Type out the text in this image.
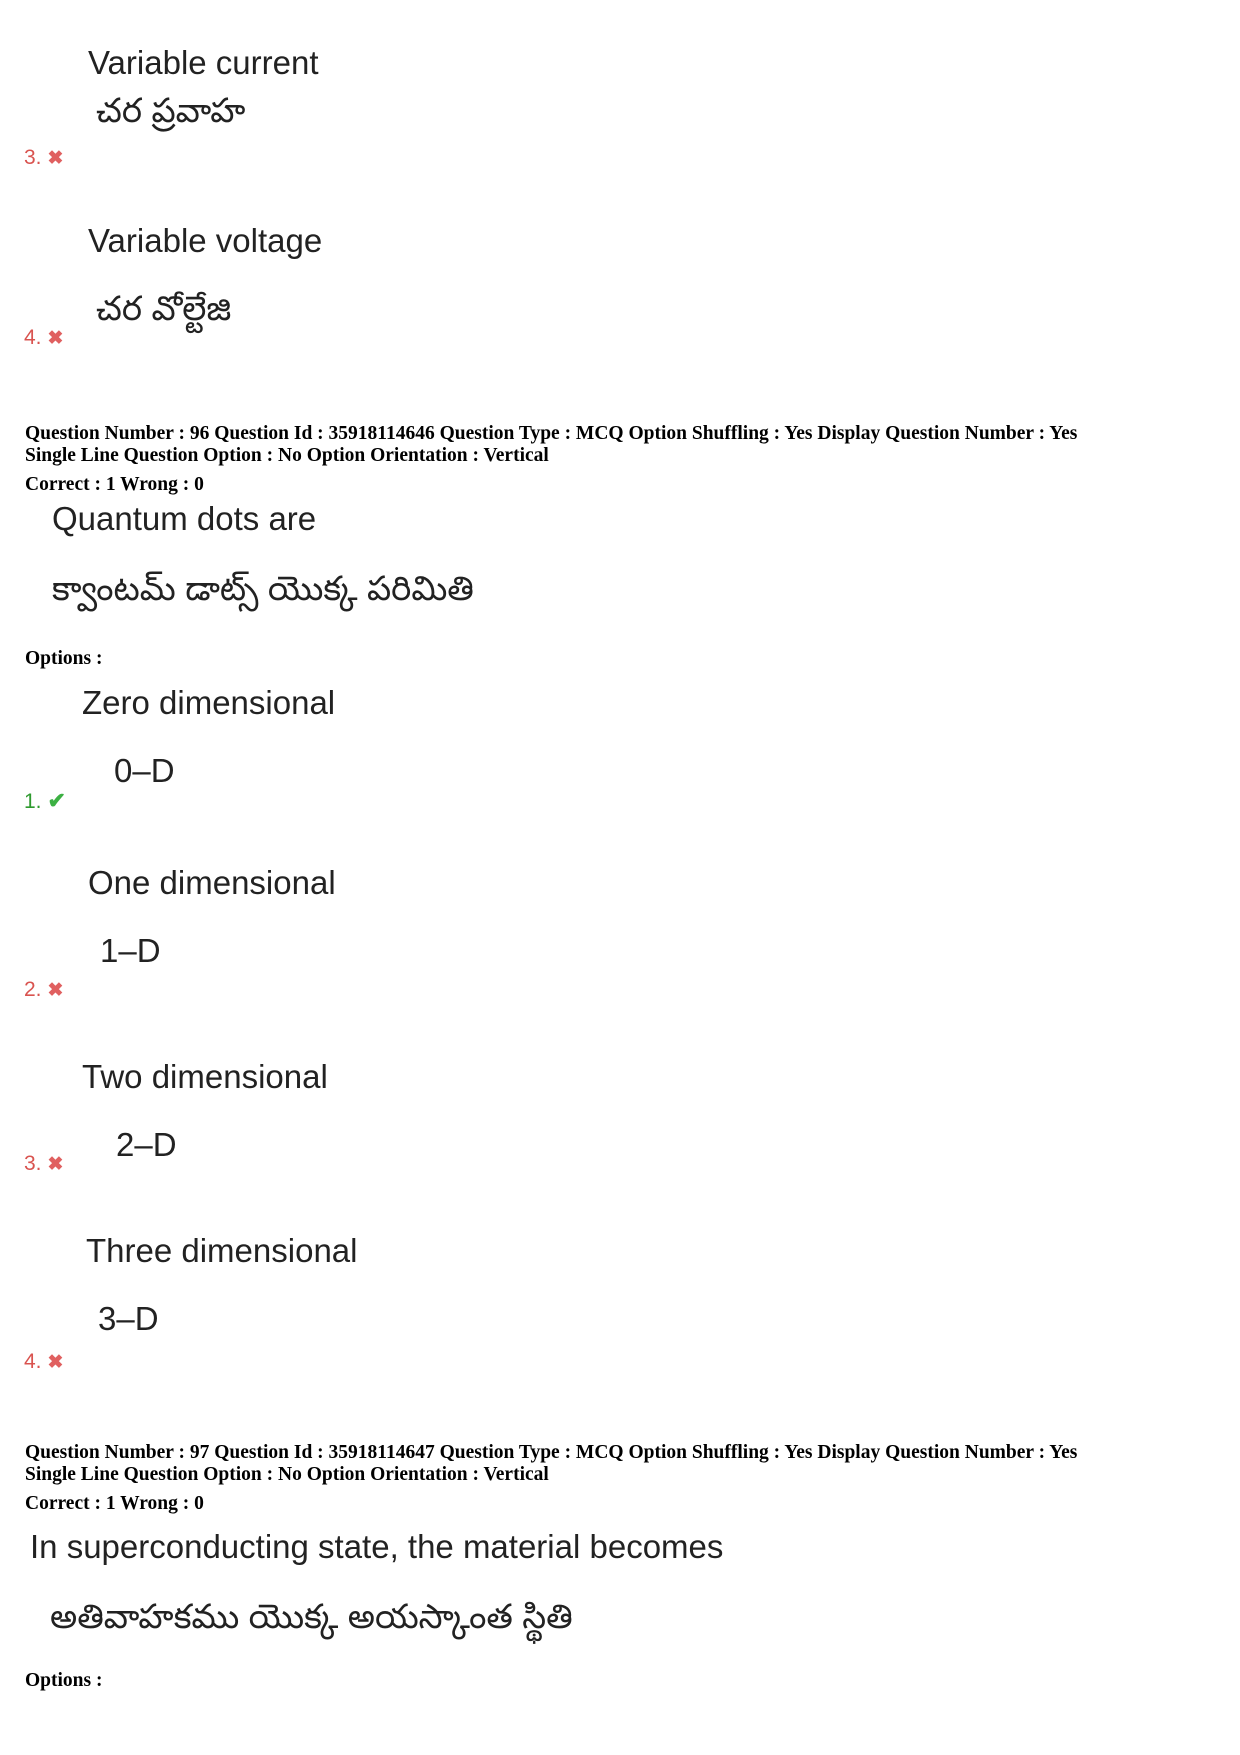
Variable current
చర ప్రవాహ
3. ✖
Variable voltage
చర వోల్టేజి
4. ✖
Question Number : 96 Question Id : 35918114646 Question Type : MCQ Option Shuffling : Yes Display Question Number : Yes
Single Line Question Option : No Option Orientation : Vertical
Correct : 1 Wrong : 0
Quantum dots are
క్వాంటమ్ డాట్స్ యొక్క పరిమితి
Options :
Zero dimensional
0–D
1. ✔
One dimensional
1–D
2. ✖
Two dimensional
2–D
3. ✖
Three dimensional
3–D
4. ✖
Question Number : 97 Question Id : 35918114647 Question Type : MCQ Option Shuffling : Yes Display Question Number : Yes
Single Line Question Option : No Option Orientation : Vertical
Correct : 1 Wrong : 0
In superconducting state, the material becomes
అతివాహకము యొక్క అయస్కాంత స్థితి
Options :
